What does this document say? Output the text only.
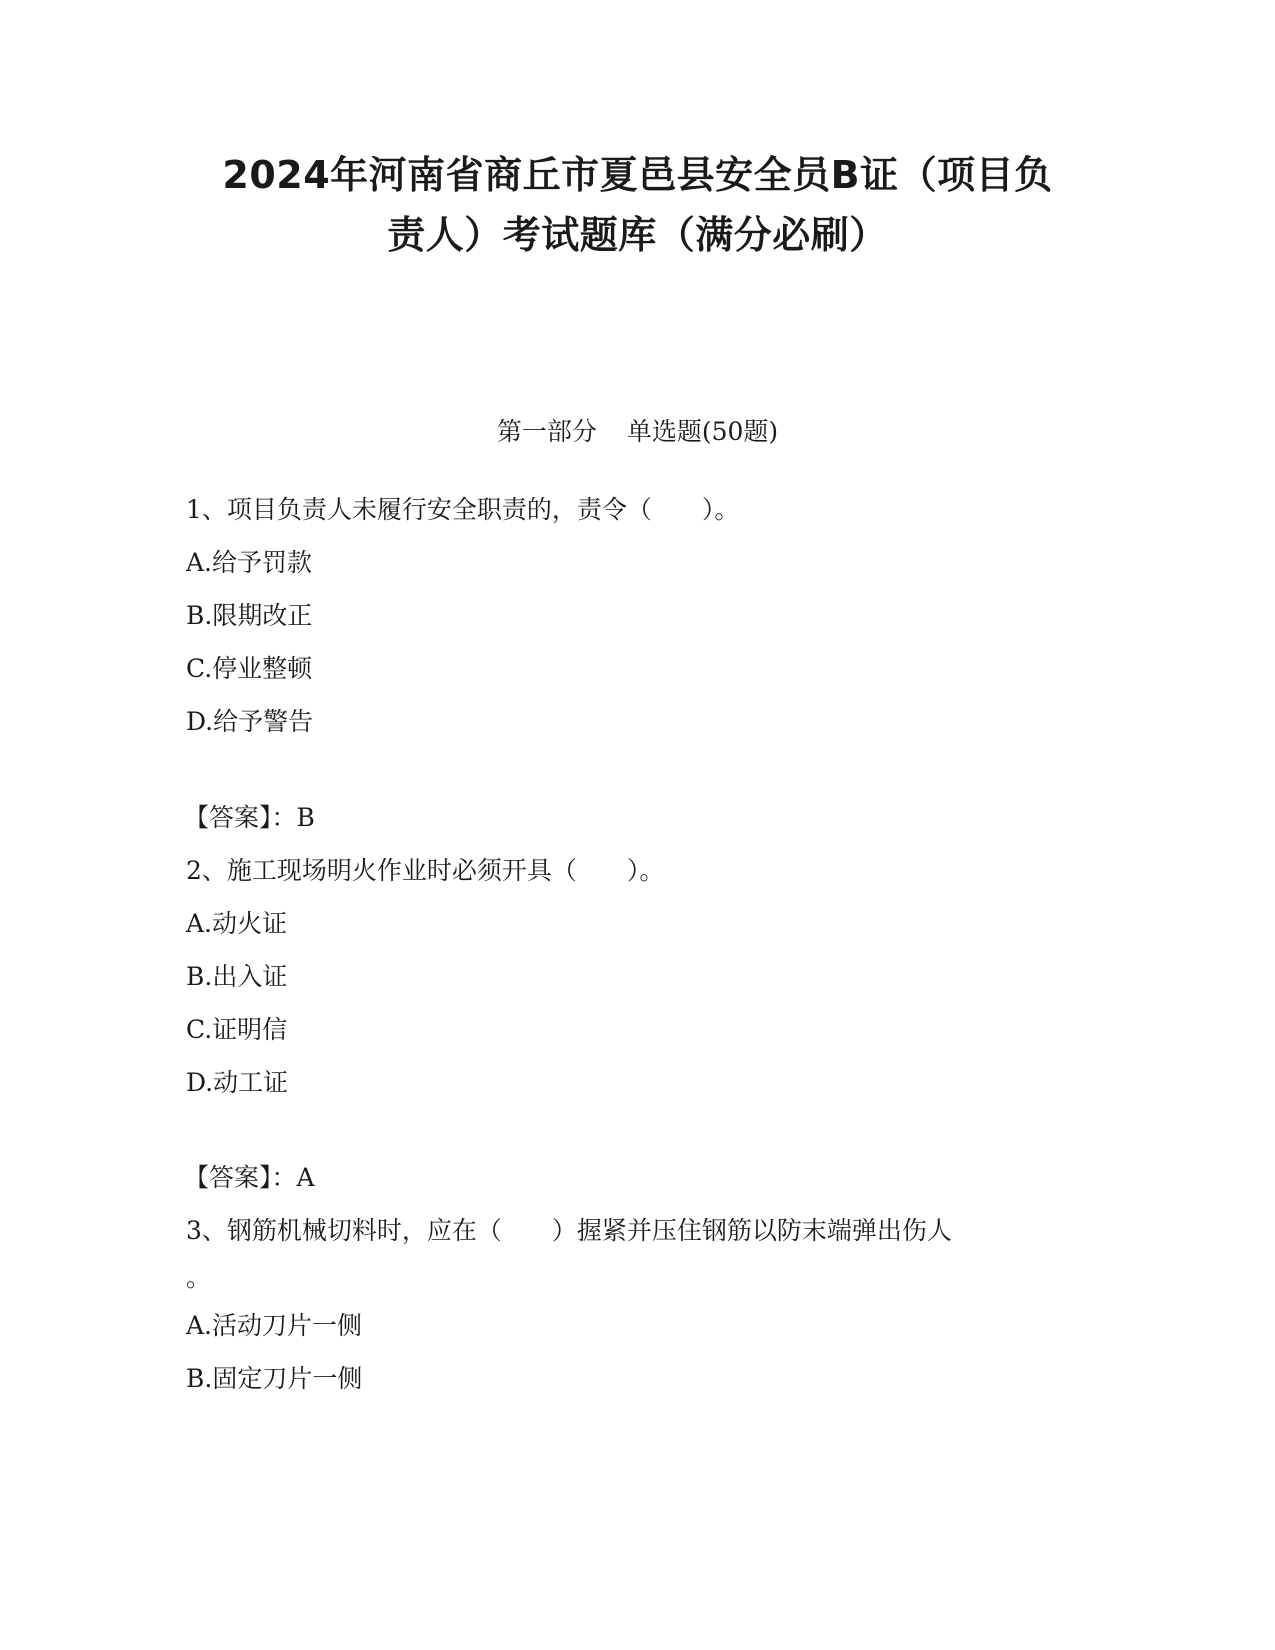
2024年河南省商丘市夏邑县安全员B证（项目负
责人）考试题库（满分必刷）
第一部分 单选题(50题)
1、项目负责人未履行安全职责的，责令（　　）。
A.给予罚款
B.限期改正
C.停业整顿
D.给予警告
【答案】：B
2、施工现场明火作业时必须开具（　　）。
A.动火证
B.出入证
C.证明信
D.动工证
【答案】：A
3、钢筋机械切料时，应在（　　）握紧并压住钢筋以防末端弹出伤人
。
A.活动刀片一侧
B.固定刀片一侧
